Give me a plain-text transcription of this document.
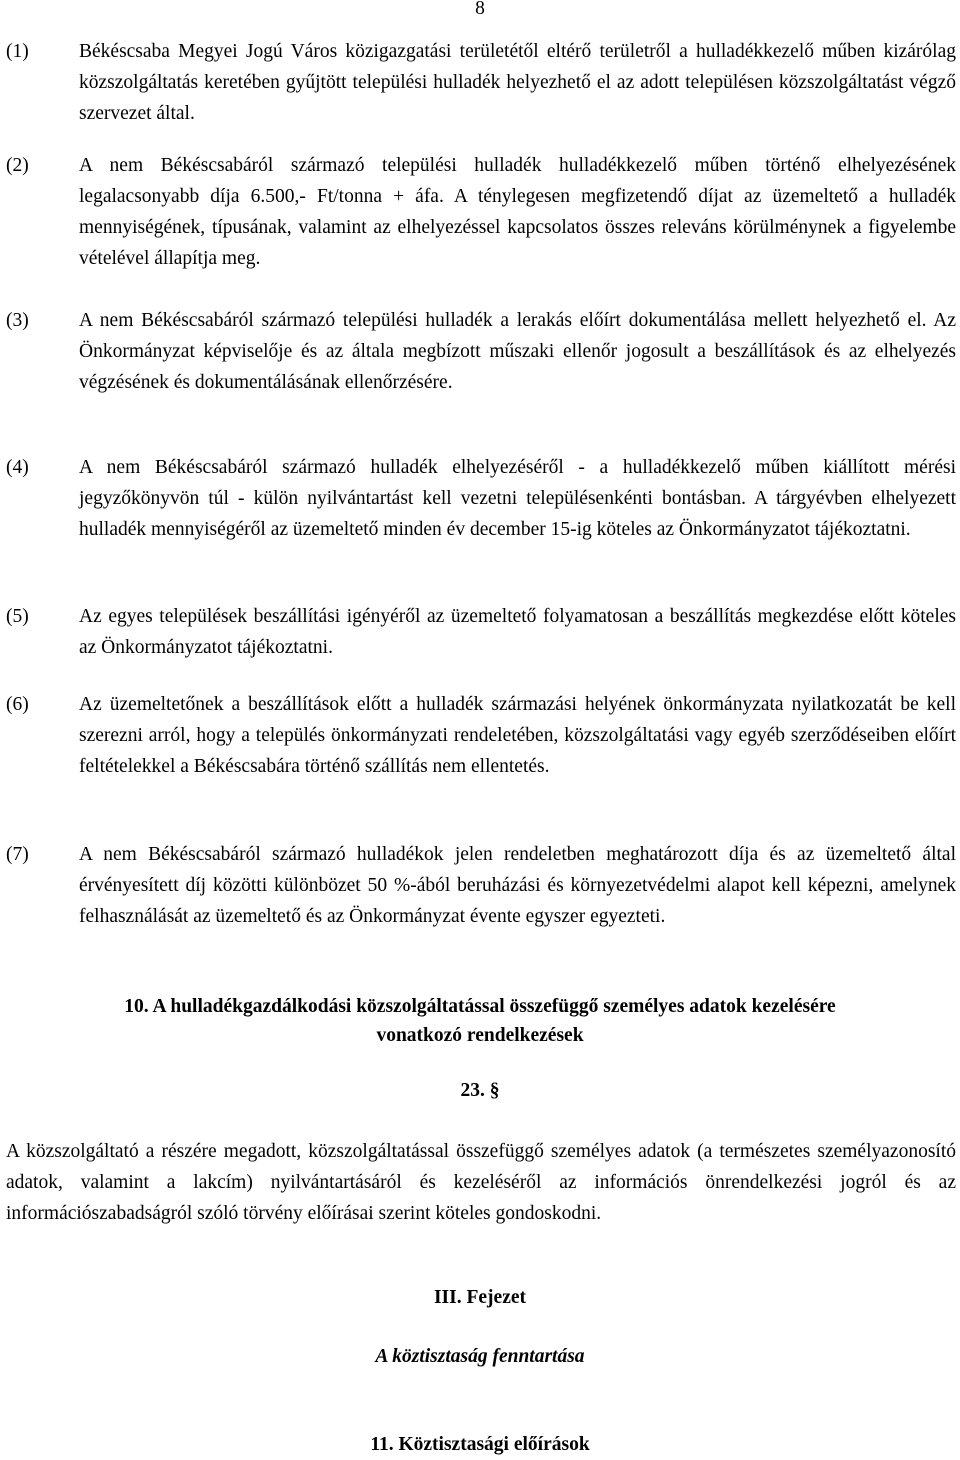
8
(1)	Békéscsaba Megyei Jogú Város közigazgatási területétől eltérő területről a hulladékkezelő műben kizárólag közszolgáltatás keretében gyűjtött települési hulladék helyezhető el az adott településen közszolgáltatást végző szervezet által.
(2)	A nem Békéscsabáról származó települési hulladék hulladékkezelő műben történő elhelyezésének legalacsonyabb díja 6.500,- Ft/tonna + áfa. A ténylegesen megfizetendő díjat az üzemeltető a hulladék mennyiségének, típusának, valamint az elhelyezéssel kapcsolatos összes releváns körülménynek a figyelembe vételével állapítja meg.
(3)	A nem Békéscsabáról származó települési hulladék a lerakás előírt dokumentálása mellett helyezhető el. Az Önkormányzat képviselője és az általa megbízott műszaki ellenőr jogosult a beszállítások és az elhelyezés végzésének és dokumentálásának ellenőrzésére.
(4)	A nem Békéscsabáról származó hulladék elhelyezéséről - a hulladékkezelő műben kiállított mérési jegyzőkönyvön túl - külön nyilvántartást kell vezetni településenkénti bontásban. A tárgyévben elhelyezett hulladék mennyiségéről az üzemeltető minden év december 15-ig köteles az Önkormányzatot tájékoztatni.
(5)	Az egyes települések beszállítási igényéről az üzemeltető folyamatosan a beszállítás megkezdése előtt köteles az Önkormányzatot tájékoztatni.
(6)	Az üzemeltetőnek a beszállítások előtt a hulladék származási helyének önkormányzata nyilatkozatát be kell szerezni arról, hogy a település önkormányzati rendeletében, közszolgáltatási vagy egyéb szerződéseiben előírt feltételekkel a Békéscsabára történő szállítás nem ellentetés.
(7)	A nem Békéscsabáról származó hulladékok jelen rendeletben meghatározott díja és az üzemeltető által érvényesített díj közötti különbözet 50 %-ából beruházási és környezetvédelmi alapot kell képezni, amelynek felhasználását az üzemeltető és az Önkormányzat évente egyszer egyezteti.
10. A hulladékgazdálkodási közszolgáltatással összefüggő személyes adatok kezelésére
vonatkozó rendelkezések
23. §
A közszolgáltató a részére megadott, közszolgáltatással összefüggő személyes adatok (a természetes személyazonosító adatok, valamint a lakcím) nyilvántartásáról és kezeléséről az információs önrendelkezési jogról és az információszabadságról szóló törvény előírásai szerint köteles gondoskodni.
III. Fejezet
A köztisztaság fenntartása
11. Köztisztasági előírások
